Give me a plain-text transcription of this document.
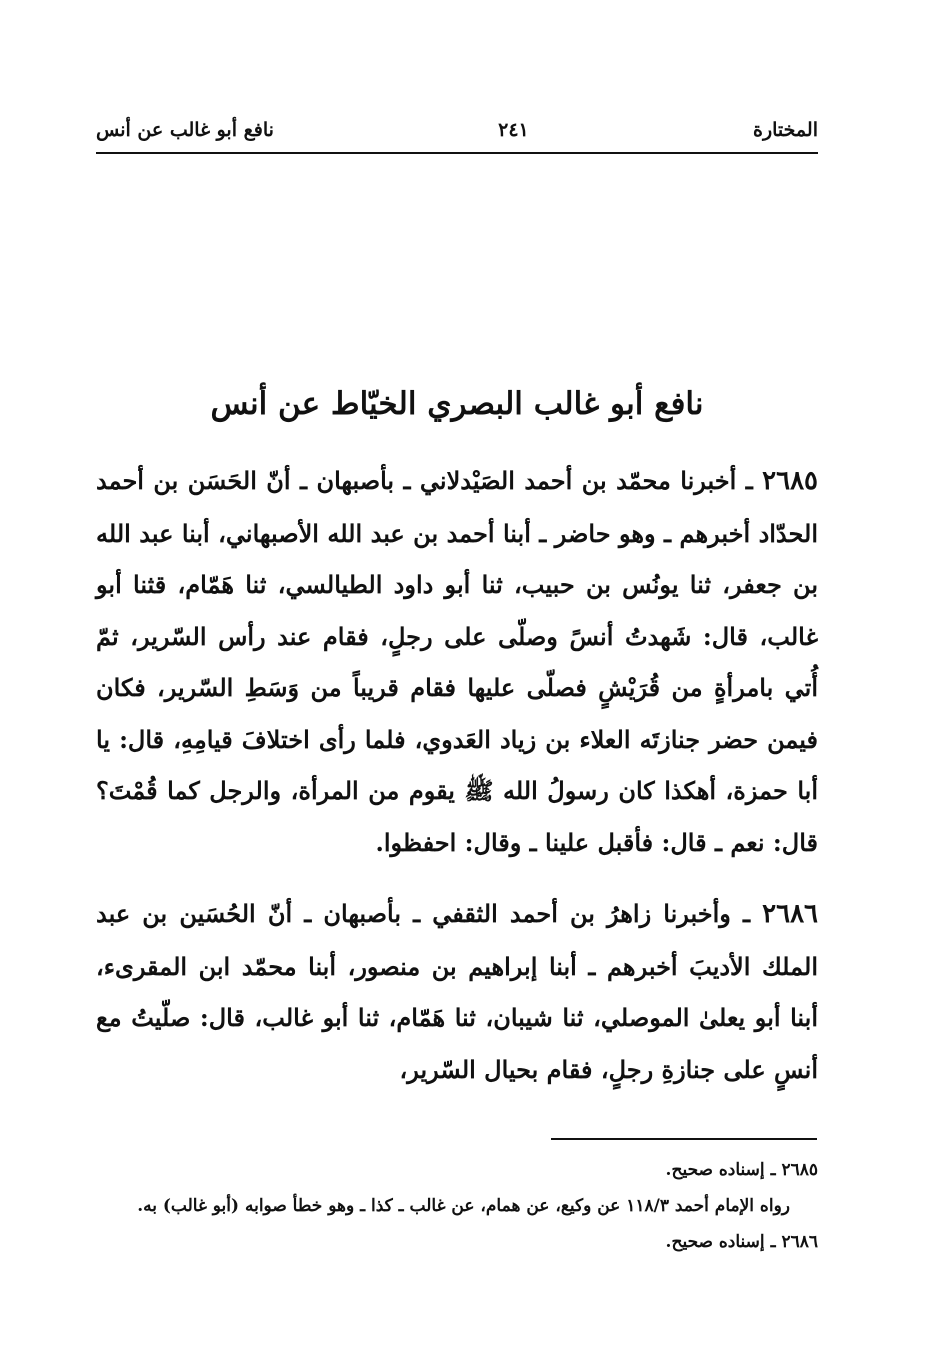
المختارة
٢٤١
نافع أبو غالب عن أنس
نافع أبو غالب البصري الخيّاط عن أنس

٢٦٨٥ ـ أخبرنا محمّد بن أحمد الصَيْدلاني ـ بأصبهان ـ أنّ الحَسَن بن أحمد الحدّاد أخبرهم ـ وهو حاضر ـ أبنا أحمد بن عبد الله الأصبهاني، أبنا عبد الله بن جعفر، ثنا يونُس بن حبيب، ثنا أبو داود الطيالسي، ثنا هَمّام، قثنا أبو غالب، قال: شَهدتُ أنسً وصلّى على رجلٍ، فقام عند رأس السّرير، ثمّ أُتي بامرأةٍ من قُرَيْشٍ فصلّى عليها فقام قريباً من وَسَطِ السّرير، فكان فيمن حضر جنازتَه العلاء بن زياد العَدوي، فلما رأى اختلافَ قيامِهِ، قال: يا أبا حمزة، أهكذا كان رسولُ الله ﷺ يقوم من المرأة، والرجل كما قُمْتَ؟ قال: نعم ـ قال: فأقبل علينا ـ وقال: احفظوا.

٢٦٨٦ ـ وأخبرنا زاهرُ بن أحمد الثقفي ـ بأصبهان ـ أنّ الحُسَين بن عبد الملك الأديبَ أخبرهم ـ أبنا إبراهيم بن منصور، أبنا محمّد ابن المقرىء، أبنا أبو يعلىٰ الموصلي، ثنا شيبان، ثنا هَمّام، ثنا أبو غالب، قال: صلّيتُ مع أنسٍ على جنازةِ رجلٍ، فقام بحيال السّرير،

٢٦٨٥ ـ إسناده صحيح.

رواه الإمام أحمد ١١٨/٣ عن وكيع، عن همام، عن غالب ـ كذا ـ وهو خطأ صوابه (أبو غالب) به.

٢٦٨٦ ـ إسناده صحيح.
